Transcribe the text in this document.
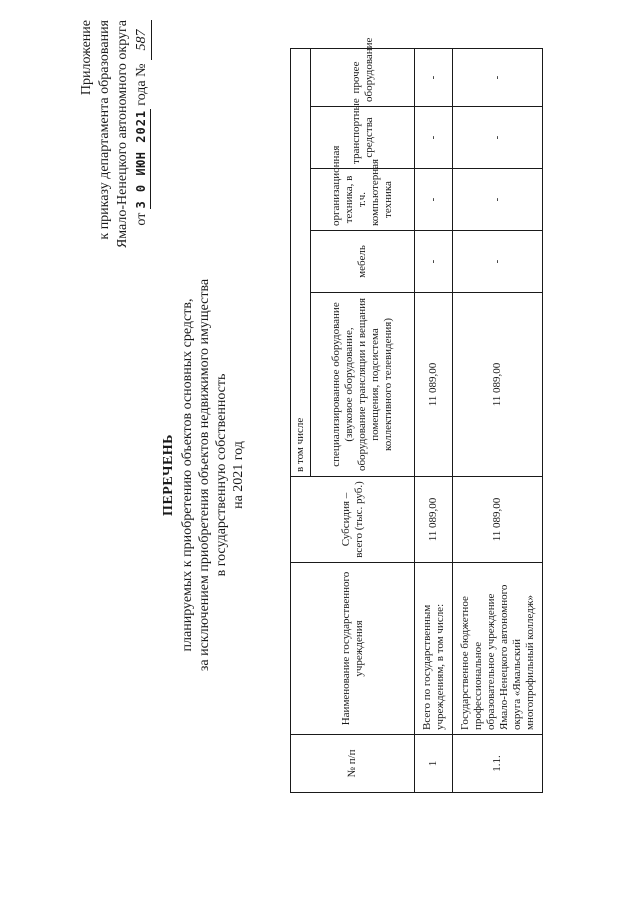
Приложение к приказу департамента образования Ямало-Ненецкого автономного округа от 3 0 ИЮН 2021 года № 587
ПЕРЕЧЕНЬ планируемых к приобретению объектов основных средств, за исключением приобретения объектов недвижимого имущества в государственную собственность на 2021 год
№ п/п	Наименование государственного учреждения	Субсидия – всего (тыс. руб.)	в том числе				
			специализированное оборудование (звуковое оборудование, оборудование трансляции и вещания помещения, подсистема коллективного телевидения)	мебель	организационная техника, в т.ч. компьютерная техника	транспортные средства	прочее оборудование
1	Всего по государственным учреждениям, в том числе:	11 089,00	11 089,00	-	-	-	-
1.1.	Государственное бюджетное профессиональное образовательное учреждение Ямало-Ненецкого автономного округа «Ямальский многопрофильный колледж»	11 089,00	11 089,00	-	-	-	-
